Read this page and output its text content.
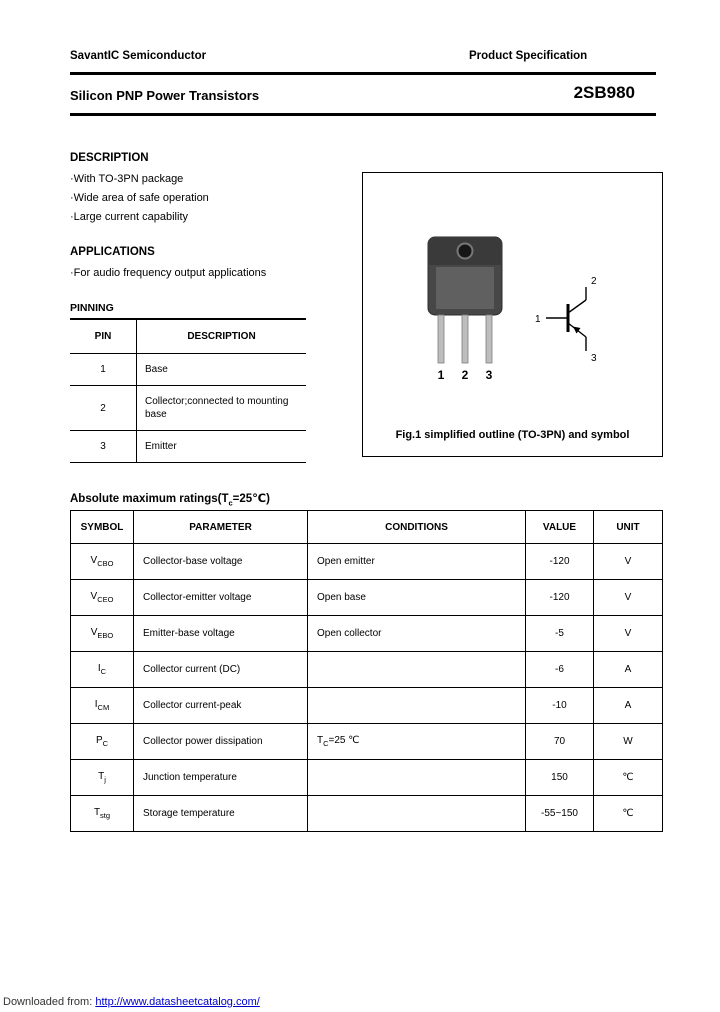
SavantIC Semiconductor	Product Specification
Silicon PNP Power Transistors	2SB980
DESCRIPTION
·With TO-3PN package
·Wide area of safe operation
·Large current capability
APPLICATIONS
·For audio frequency output applications
PINNING
PIN	DESCRIPTION
1	Base
2	Collector;connected to mounting base
3	Emitter
1 2 3
2
1
3
Fig.1 simplified outline (TO-3PN) and symbol
Absolute maximum $ratings(T_c=25℃)$
SYMBOL	PARAMETER	CONDITIONS	VALUE	UNIT
$V_{CBO}$	Collector-base voltage	Open emitter	-120	V
$V_{CEO}$	Collector-emitter voltage	Open base	-120	V
$V_{EBO}$	Emitter-base voltage	Open collector	-5	V
$I_C$	Collector current (DC)		-6	A
$I_{CM}$	Collector current-peak		-10	A
$P_C$	Collector power dissipation	$T_C=25$ ℃	70	W
$T_j$	Junction temperature		150	℃
$T_{stg}$	Storage temperature		-55~150	℃
Downloaded from: http://www.datasheetcatalog.com/
